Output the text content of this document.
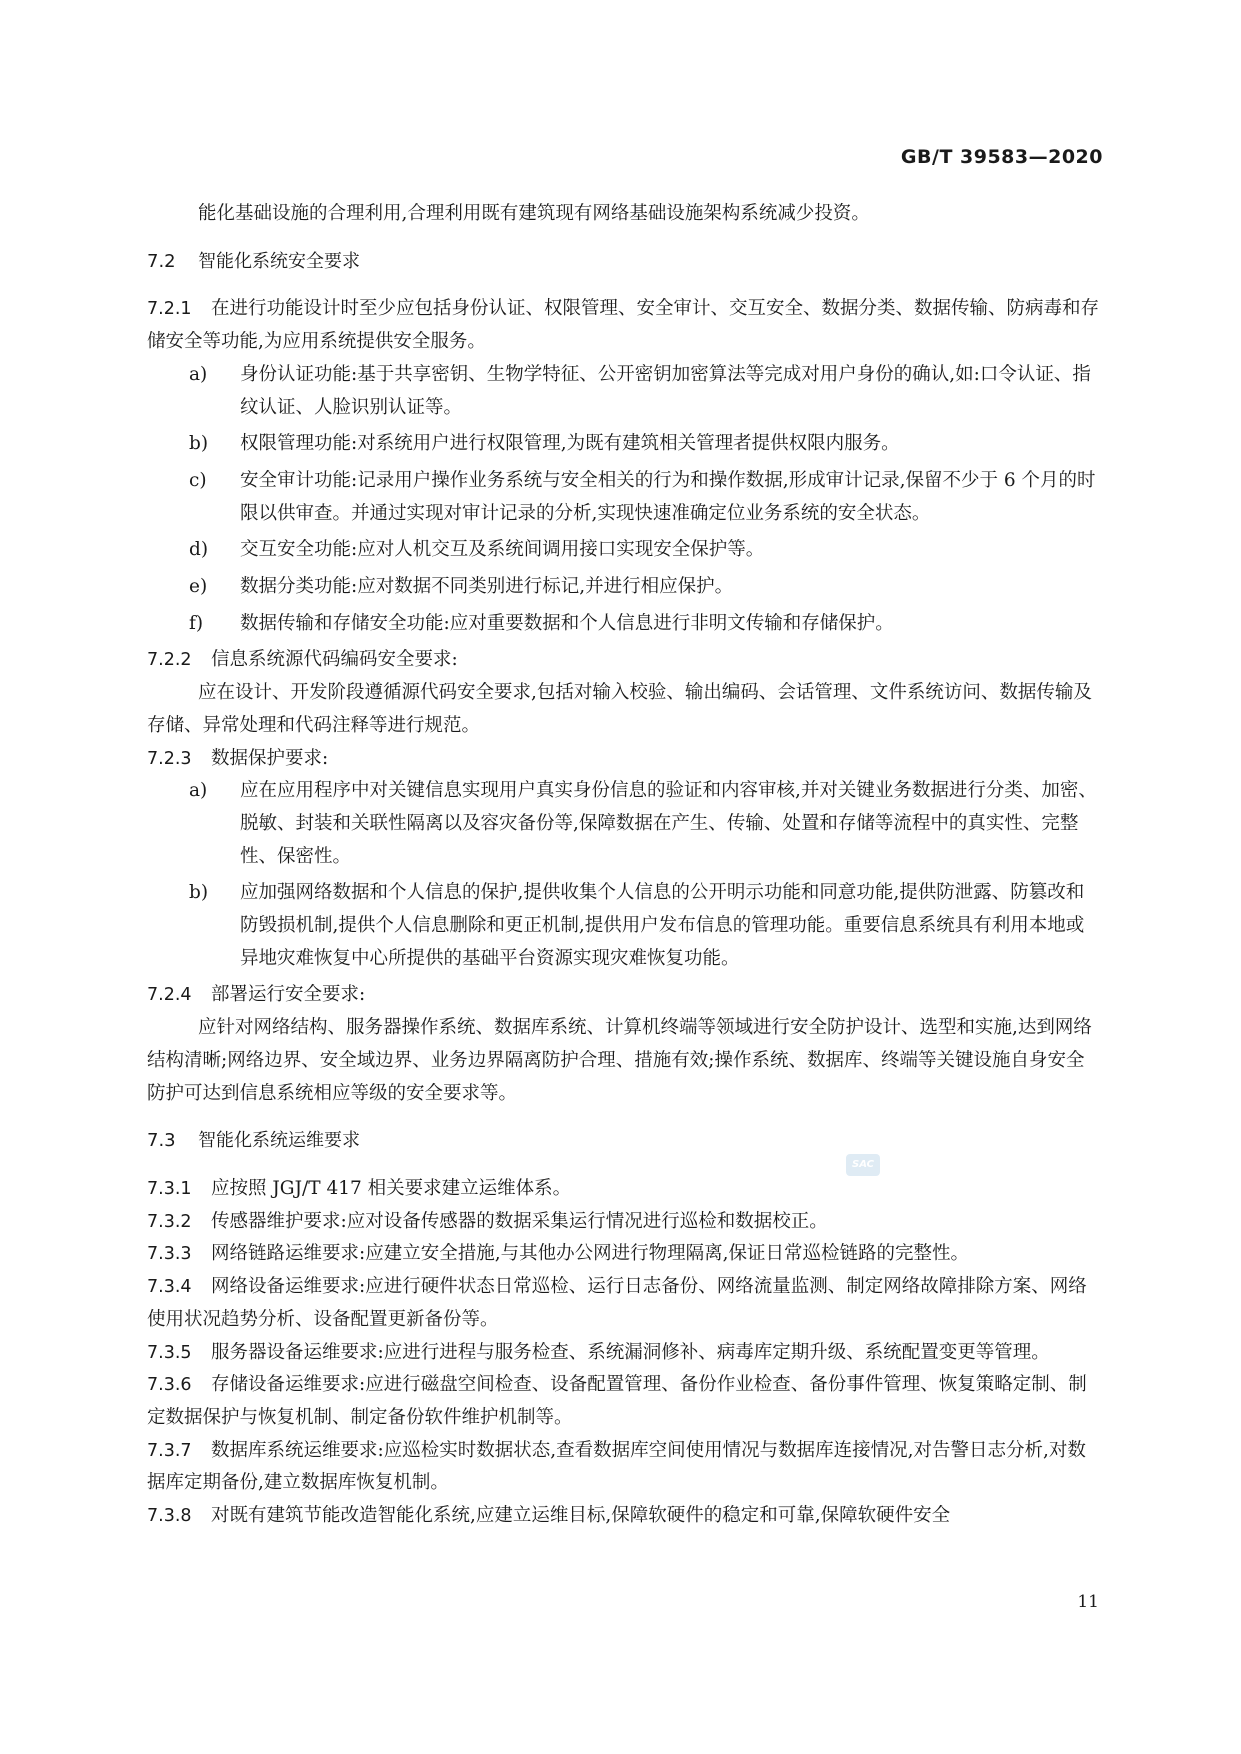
GB/T 39583—2020

能化基础设施的合理利用,合理利用既有建筑现有网络基础设施架构系统减少投资。

7.2 智能化系统安全要求

7.2.1 在进行功能设计时至少应包括身份认证、权限管理、安全审计、交互安全、数据分类、数据传输、防病毒和存储安全等功能,为应用系统提供安全服务。

a)	身份认证功能:基于共享密钥、生物学特征、公开密钥加密算法等完成对用户身份的确认,如:口令认证、指纹认证、人脸识别认证等。
b)	权限管理功能:对系统用户进行权限管理,为既有建筑相关管理者提供权限内服务。
c)	安全审计功能:记录用户操作业务系统与安全相关的行为和操作数据,形成审计记录,保留不少于 6 个月的时限以供审查。并通过实现对审计记录的分析,实现快速准确定位业务系统的安全状态。
d)	交互安全功能:应对人机交互及系统间调用接口实现安全保护等。
e)	数据分类功能:应对数据不同类别进行标记,并进行相应保护。
f)	数据传输和存储安全功能:应对重要数据和个人信息进行非明文传输和存储保护。

7.2.2 信息系统源代码编码安全要求:

应在设计、开发阶段遵循源代码安全要求,包括对输入校验、输出编码、会话管理、文件系统访问、数据传输及存储、异常处理和代码注释等进行规范。

7.2.3 数据保护要求:

a)	应在应用程序中对关键信息实现用户真实身份信息的验证和内容审核,并对关键业务数据进行分类、加密、脱敏、封装和关联性隔离以及容灾备份等,保障数据在产生、传输、处置和存储等流程中的真实性、完整性、保密性。
b)	应加强网络数据和个人信息的保护,提供收集个人信息的公开明示功能和同意功能,提供防泄露、防篡改和防毁损机制,提供个人信息删除和更正机制,提供用户发布信息的管理功能。重要信息系统具有利用本地或异地灾难恢复中心所提供的基础平台资源实现灾难恢复功能。

7.2.4 部署运行安全要求:

应针对网络结构、服务器操作系统、数据库系统、计算机终端等领域进行安全防护设计、选型和实施,达到网络结构清晰;网络边界、安全域边界、业务边界隔离防护合理、措施有效;操作系统、数据库、终端等关键设施自身安全防护可达到信息系统相应等级的安全要求等。

7.3 智能化系统运维要求

7.3.1 应按照 JGJ/T 417 相关要求建立运维体系。

7.3.2 传感器维护要求:应对设备传感器的数据采集运行情况进行巡检和数据校正。

7.3.3 网络链路运维要求:应建立安全措施,与其他办公网进行物理隔离,保证日常巡检链路的完整性。

7.3.4 网络设备运维要求:应进行硬件状态日常巡检、运行日志备份、网络流量监测、制定网络故障排除方案、网络使用状况趋势分析、设备配置更新备份等。

7.3.5 服务器设备运维要求:应进行进程与服务检查、系统漏洞修补、病毒库定期升级、系统配置变更等管理。

7.3.6 存储设备运维要求:应进行磁盘空间检查、设备配置管理、备份作业检查、备份事件管理、恢复策略定制、制定数据保护与恢复机制、制定备份软件维护机制等。

7.3.7 数据库系统运维要求:应巡检实时数据状态,查看数据库空间使用情况与数据库连接情况,对告警日志分析,对数据库定期备份,建立数据库恢复机制。

7.3.8 对既有建筑节能改造智能化系统,应建立运维目标,保障软硬件的稳定和可靠,保障软硬件安全

SAC
11
